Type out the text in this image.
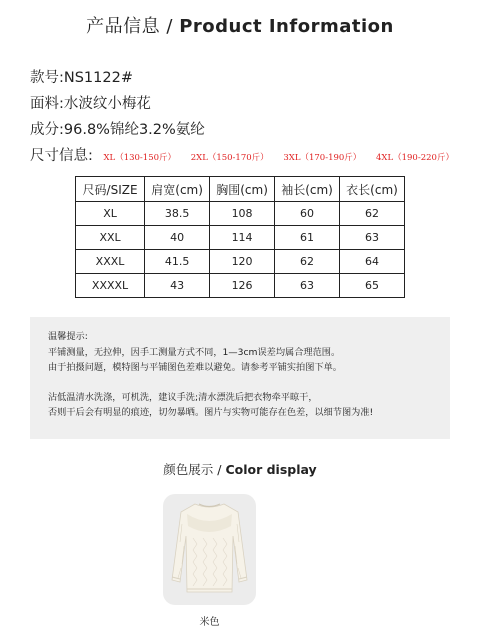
产品信息 / Product Information
款号:NS1122#
面料:水波纹小梅花
成分:96.8%锦纶3.2%氨纶
尺寸信息: XL（130-150斤） 2XL（150-170斤） 3XL（170-190斤） 4XL（190-220斤）
尺码/SIZE	肩宽(cm)	胸围(cm)	袖长(cm)	衣长(cm)
XL	38.5	108	60	62
XXL	40	114	61	63
XXXL	41.5	120	62	64
XXXXL	43	126	63	65
温馨提示:
平铺测量，无拉伸，因手工测量方式不同，1—3cm误差均属合理范围。
由于拍摄问题，模特图与平铺图色差难以避免。请参考平铺实拍图下单。
沾低温清水洗涤，可机洗，建议手洗;清水漂洗后把衣物牵平晾干，
否则干后会有明显的痕迹，切勿暴晒。图片与实物可能存在色差，以细节图为准!
颜色展示 / Color display
米色
